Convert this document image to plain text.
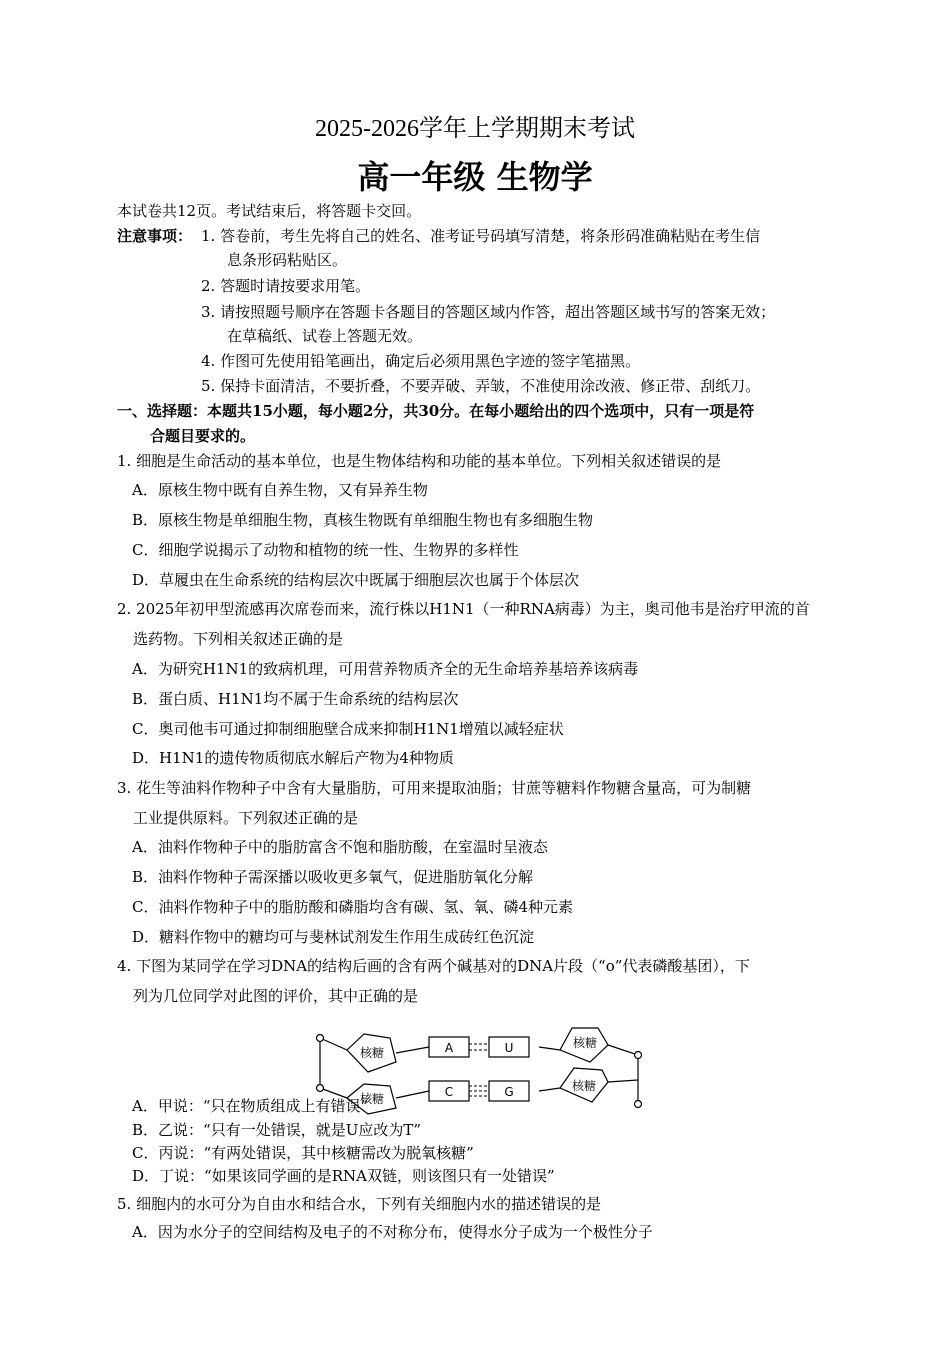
2025-2026学年上学期期末考试
高一年级 生物学
本试卷共12页。考试结束后，将答题卡交回。
注意事项： 1. 答卷前，考生先将自己的姓名、准考证号码填写清楚，将条形码准确粘贴在考生信
息条形码粘贴区。
2. 答题时请按要求用笔。
3. 请按照题号顺序在答题卡各题目的答题区域内作答，超出答题区域书写的答案无效；
在草稿纸、试卷上答题无效。
4. 作图可先使用铅笔画出，确定后必须用黑色字迹的签字笔描黑。
5. 保持卡面清洁，不要折叠，不要弄破、弄皱，不准使用涂改液、修正带、刮纸刀。
一、选择题：本题共15小题，每小题2分，共30分。在每小题给出的四个选项中，只有一项是符
合题目要求的。
1. 细胞是生命活动的基本单位，也是生物体结构和功能的基本单位。下列相关叙述错误的是
A．原核生物中既有自养生物，又有异养生物
B．原核生物是单细胞生物，真核生物既有单细胞生物也有多细胞生物
C．细胞学说揭示了动物和植物的统一性、生物界的多样性
D．草履虫在生命系统的结构层次中既属于细胞层次也属于个体层次
2. 2025年初甲型流感再次席卷而来，流行株以H1N1（一种RNA病毒）为主，奥司他韦是治疗甲流的首
选药物。下列相关叙述正确的是
A．为研究H1N1的致病机理，可用营养物质齐全的无生命培养基培养该病毒
B．蛋白质、H1N1均不属于生命系统的结构层次
C．奥司他韦可通过抑制细胞壁合成来抑制H1N1增殖以减轻症状
D．H1N1的遗传物质彻底水解后产物为4种物质
3. 花生等油料作物种子中含有大量脂肪，可用来提取油脂；甘蔗等糖料作物糖含量高，可为制糖
工业提供原料。下列叙述正确的是
A．油料作物种子中的脂肪富含不饱和脂肪酸，在室温时呈液态
B．油料作物种子需深播以吸收更多氧气，促进脂肪氧化分解
C．油料作物种子中的脂肪酸和磷脂均含有碳、氢、氧、磷4种元素
D．糖料作物中的糖均可与斐林试剂发生作用生成砖红色沉淀
4. 下图为某同学在学习DNA的结构后画的含有两个碱基对的DNA片段（“o”代表磷酸基团），下
列为几位同学对此图的评价，其中正确的是
核糖
核糖
核糖
核糖
A	U
C	G
A．甲说：“只在物质组成上有错误”
B．乙说：“只有一处错误，就是U应改为T”
C．丙说：“有两处错误，其中核糖需改为脱氧核糖”
D．丁说：“如果该同学画的是RNA双链，则该图只有一处错误”
5. 细胞内的水可分为自由水和结合水，下列有关细胞内水的描述错误的是
A．因为水分子的空间结构及电子的不对称分布，使得水分子成为一个极性分子
